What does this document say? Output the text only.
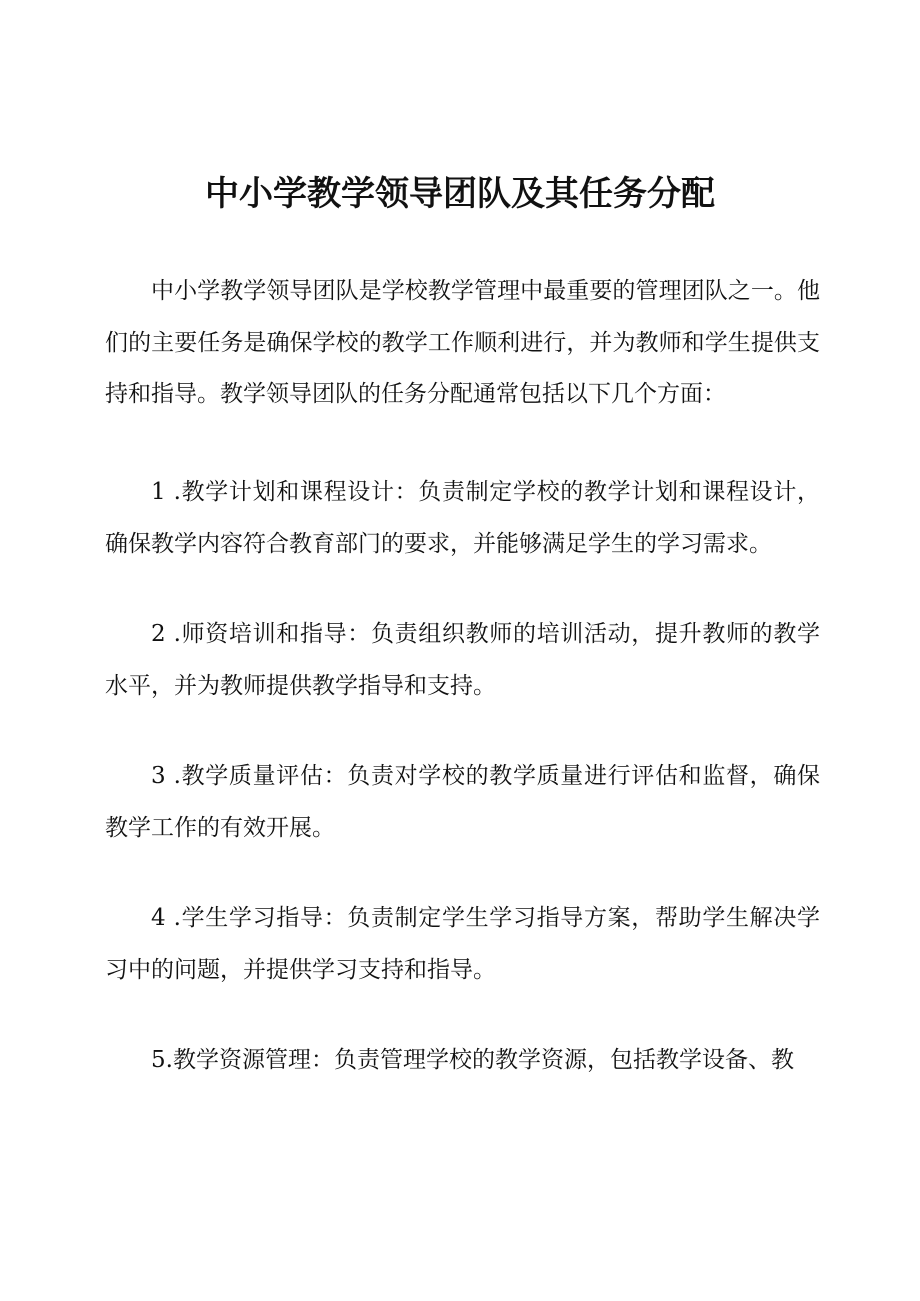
中小学教学领导团队及其任务分配

中小学教学领导团队是学校教学管理中最重要的管理团队之一。他们的主要任务是确保学校的教学工作顺利进行，并为教师和学生提供支持和指导。教学领导团队的任务分配通常包括以下几个方面：

1 .教学计划和课程设计：负责制定学校的教学计划和课程设计，确保教学内容符合教育部门的要求，并能够满足学生的学习需求。

2 .师资培训和指导：负责组织教师的培训活动，提升教师的教学水平，并为教师提供教学指导和支持。

3 .教学质量评估：负责对学校的教学质量进行评估和监督，确保教学工作的有效开展。

4 .学生学习指导：负责制定学生学习指导方案，帮助学生解决学习中的问题，并提供学习支持和指导。

5.教学资源管理：负责管理学校的教学资源，包括教学设备、教
